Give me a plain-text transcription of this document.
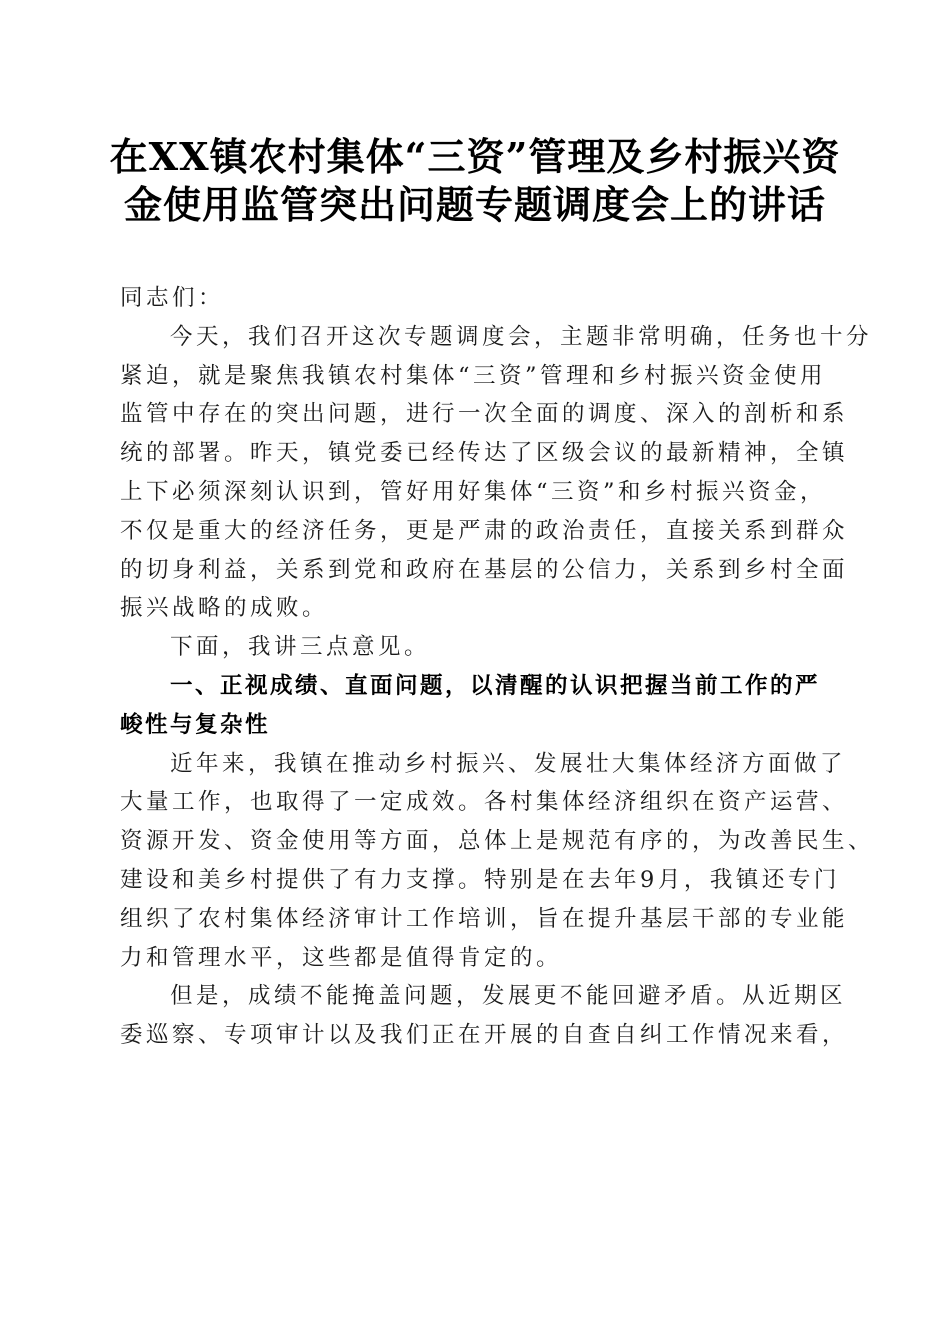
在XX镇农村集体“三资”管理及乡村振兴资
金使用监管突出问题专题调度会上的讲话
同志们：
今天，我们召开这次专题调度会，主题非常明确，任务也十分
紧迫，就是聚焦我镇农村集体“三资”管理和乡村振兴资金使用
监管中存在的突出问题，进行一次全面的调度、深入的剖析和系
统的部署。昨天，镇党委已经传达了区级会议的最新精神，全镇
上下必须深刻认识到，管好用好集体“三资”和乡村振兴资金，
不仅是重大的经济任务，更是严肃的政治责任，直接关系到群众
的切身利益，关系到党和政府在基层的公信力，关系到乡村全面
振兴战略的成败。
下面，我讲三点意见。
一、正视成绩、直面问题，以清醒的认识把握当前工作的严
峻性与复杂性
近年来，我镇在推动乡村振兴、发展壮大集体经济方面做了
大量工作，也取得了一定成效。各村集体经济组织在资产运营、
资源开发、资金使用等方面，总体上是规范有序的，为改善民生、
建设和美乡村提供了有力支撑。特别是在去年9月，我镇还专门
组织了农村集体经济审计工作培训，旨在提升基层干部的专业能
力和管理水平，这些都是值得肯定的。
但是，成绩不能掩盖问题，发展更不能回避矛盾。从近期区
委巡察、专项审计以及我们正在开展的自查自纠工作情况来看，
